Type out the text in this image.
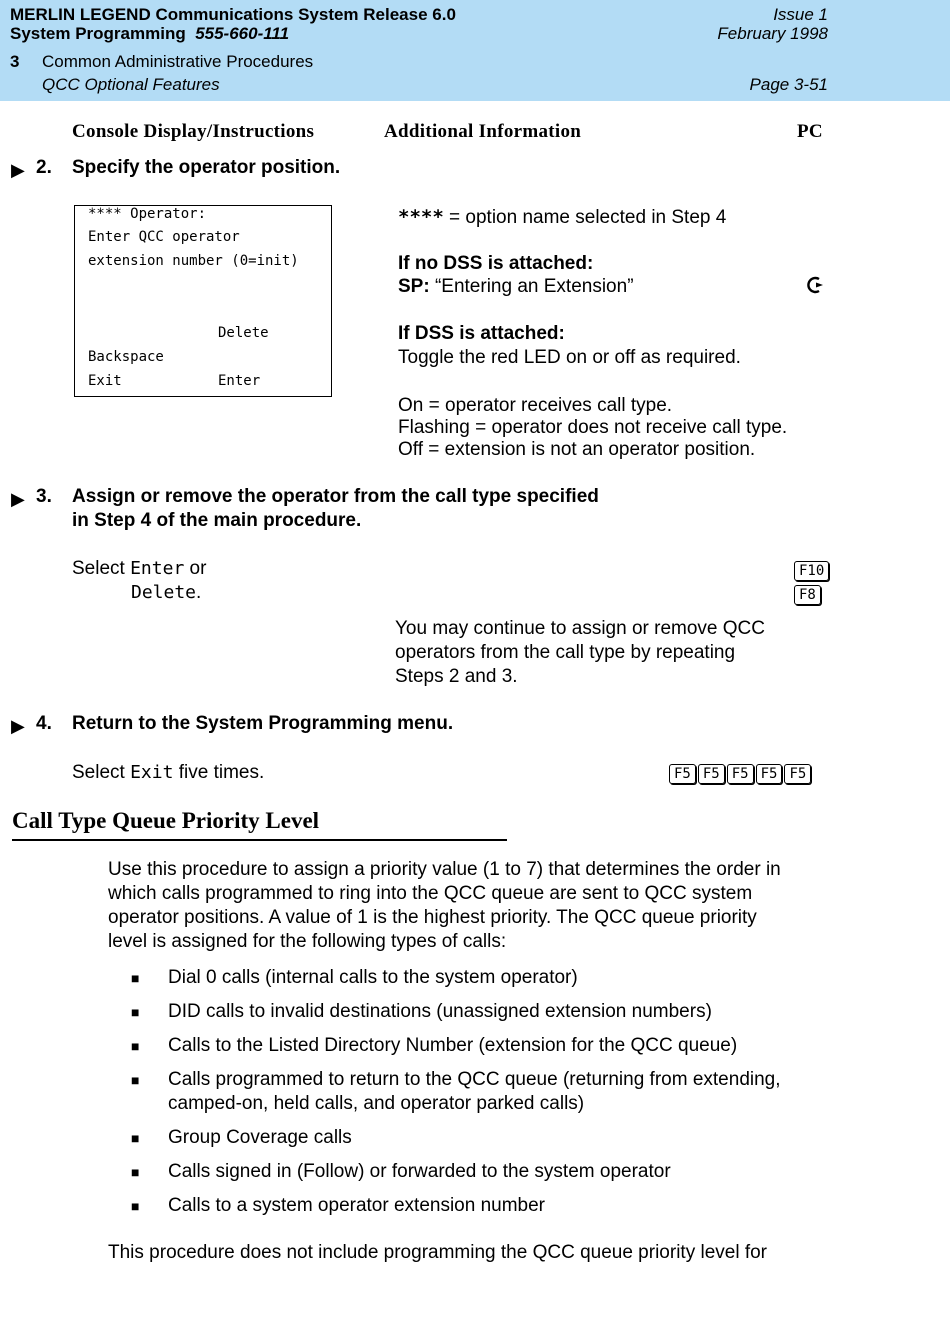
MERLIN LEGEND Communications System Release 6.0
System Programming 555-660-111
Issue 1
February 1998
3 Common Administrative Procedures
QCC Optional Features	Page 3-51
Console Display/Instructions	Additional Information	PC
▶ 2. Specify the operator position.
**** Operator:
Enter QCC operator
extension number (0=init)
Delete
Backspace
Exit	Enter
**** = option name selected in Step 4
If no DSS is attached:
SP: “Entering an Extension”
If DSS is attached:
Toggle the red LED on or off as required.
On = operator receives call type.
Flashing = operator does not receive call type.
Off = extension is not an operator position.
▶ 3. Assign or remove the operator from the call type specified
in Step 4 of the main procedure.
Select Enter or
Delete.
F10
F8
You may continue to assign or remove QCC
operators from the call type by repeating
Steps 2 and 3.
▶ 4. Return to the System Programming menu.
Select Exit five times.	F5 F5 F5 F5 F5
Call Type Queue Priority Level
Use this procedure to assign a priority value (1 to 7) that determines the order in
which calls programmed to ring into the QCC queue are sent to QCC system
operator positions. A value of 1 is the highest priority. The QCC queue priority
level is assigned for the following types of calls:
■ Dial 0 calls (internal calls to the system operator)
■ DID calls to invalid destinations (unassigned extension numbers)
■ Calls to the Listed Directory Number (extension for the QCC queue)
■ Calls programmed to return to the QCC queue (returning from extending,
camped-on, held calls, and operator parked calls)
■ Group Coverage calls
■ Calls signed in (Follow) or forwarded to the system operator
■ Calls to a system operator extension number
This procedure does not include programming the QCC queue priority level for
